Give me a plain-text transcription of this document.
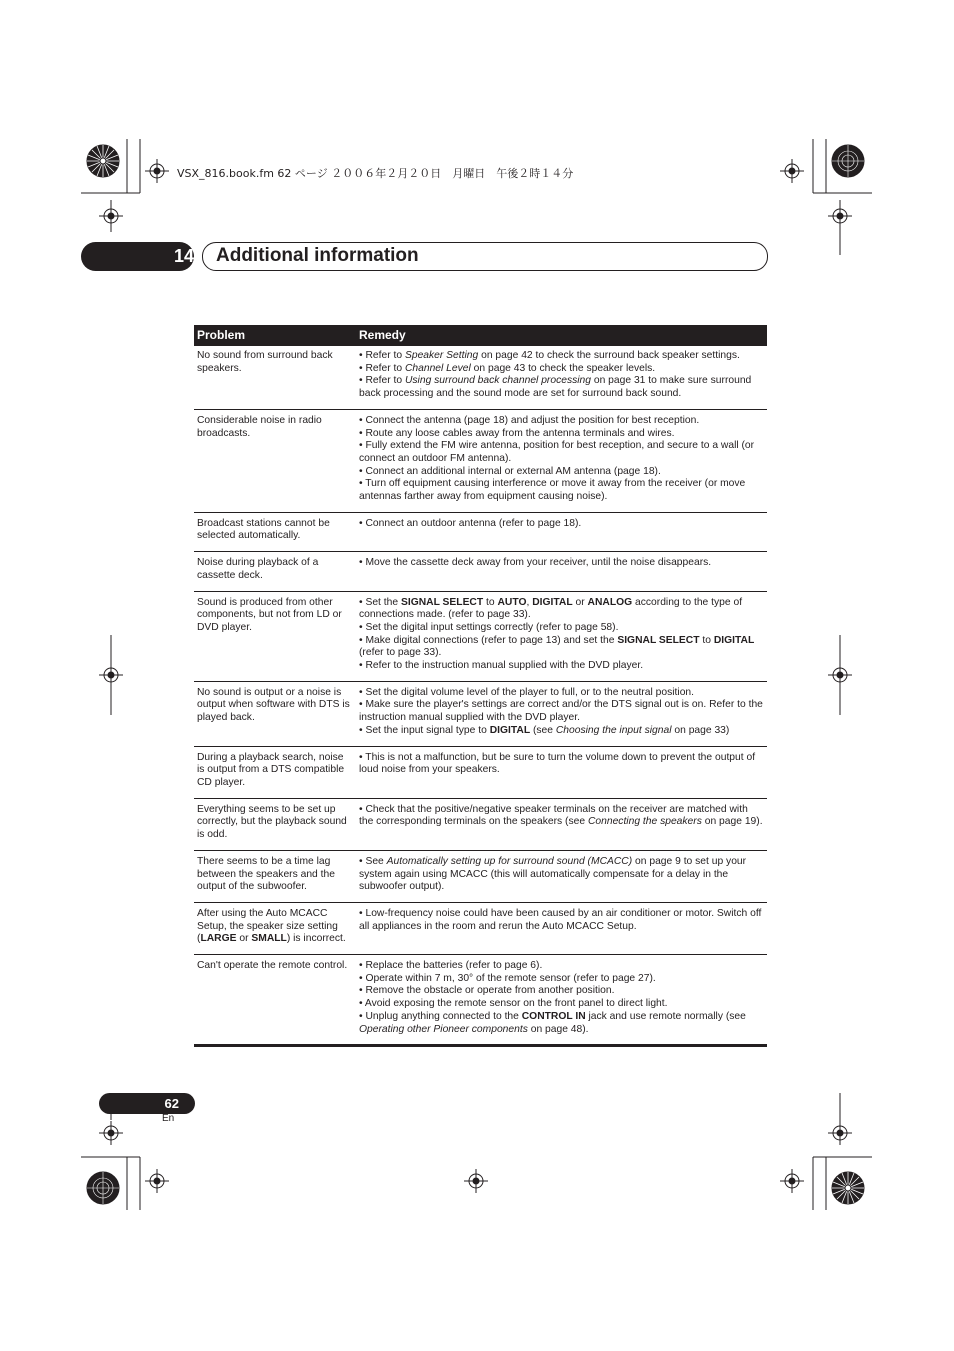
VSX_816.book.fm 62 ページ ２００６年２月２０日　月曜日　午後２時１４分
14 Additional information
Problem	Remedy
No sound from surround back speakers.	• Refer to Speaker Setting on page 42 to check the surround back speaker settings.
• Refer to Channel Level on page 43 to check the speaker levels.
• Refer to Using surround back channel processing on page 31 to make sure surround back processing and the sound mode are set for surround back sound.

Considerable noise in radio broadcasts.	• Connect the antenna (page 18) and adjust the position for best reception.
• Route any loose cables away from the antenna terminals and wires.
• Fully extend the FM wire antenna, position for best reception, and secure to a wall (or connect an outdoor FM antenna).
• Connect an additional internal or external AM antenna (page 18).
• Turn off equipment causing interference or move it away from the receiver (or move antennas farther away from equipment causing noise).

Broadcast stations cannot be selected automatically.	• Connect an outdoor antenna (refer to page 18).

Noise during playback of a cassette deck.	• Move the cassette deck away from your receiver, until the noise disappears.

Sound is produced from other components, but not from LD or DVD player.	• Set the SIGNAL SELECT to AUTO, DIGITAL or ANALOG according to the type of connections made. (refer to page 33).
• Set the digital input settings correctly (refer to page 58).
• Make digital connections (refer to page 13) and set the SIGNAL SELECT to DIGITAL (refer to page 33).
• Refer to the instruction manual supplied with the DVD player.

No sound is output or a noise is output when software with DTS is played back.	• Set the digital volume level of the player to full, or to the neutral position.
• Make sure the player's settings are correct and/or the DTS signal out is on. Refer to the instruction manual supplied with the DVD player.
• Set the input signal type to DIGITAL (see Choosing the input signal on page 33)

During a playback search, noise is output from a DTS compatible CD player.	• This is not a malfunction, but be sure to turn the volume down to prevent the output of loud noise from your speakers.

Everything seems to be set up correctly, but the playback sound is odd.	• Check that the positive/negative speaker terminals on the receiver are matched with the corresponding terminals on the speakers (see Connecting the speakers on page 19).

There seems to be a time lag between the speakers and the output of the subwoofer.	• See Automatically setting up for surround sound (MCACC) on page 9 to set up your system again using MCACC (this will automatically compensate for a delay in the subwoofer output).

After using the Auto MCACC Setup, the speaker size setting (LARGE or SMALL) is incorrect.	• Low-frequency noise could have been caused by an air conditioner or motor. Switch off all appliances in the room and rerun the Auto MCACC Setup.

Can't operate the remote control.	• Replace the batteries (refer to page 6).
• Operate within 7 m, 30° of the remote sensor (refer to page 27).
• Remove the obstacle or operate from another position.
• Avoid exposing the remote sensor on the front panel to direct light.
• Unplug anything connected to the CONTROL IN jack and use remote normally (see Operating other Pioneer components on page 48).
62
En
